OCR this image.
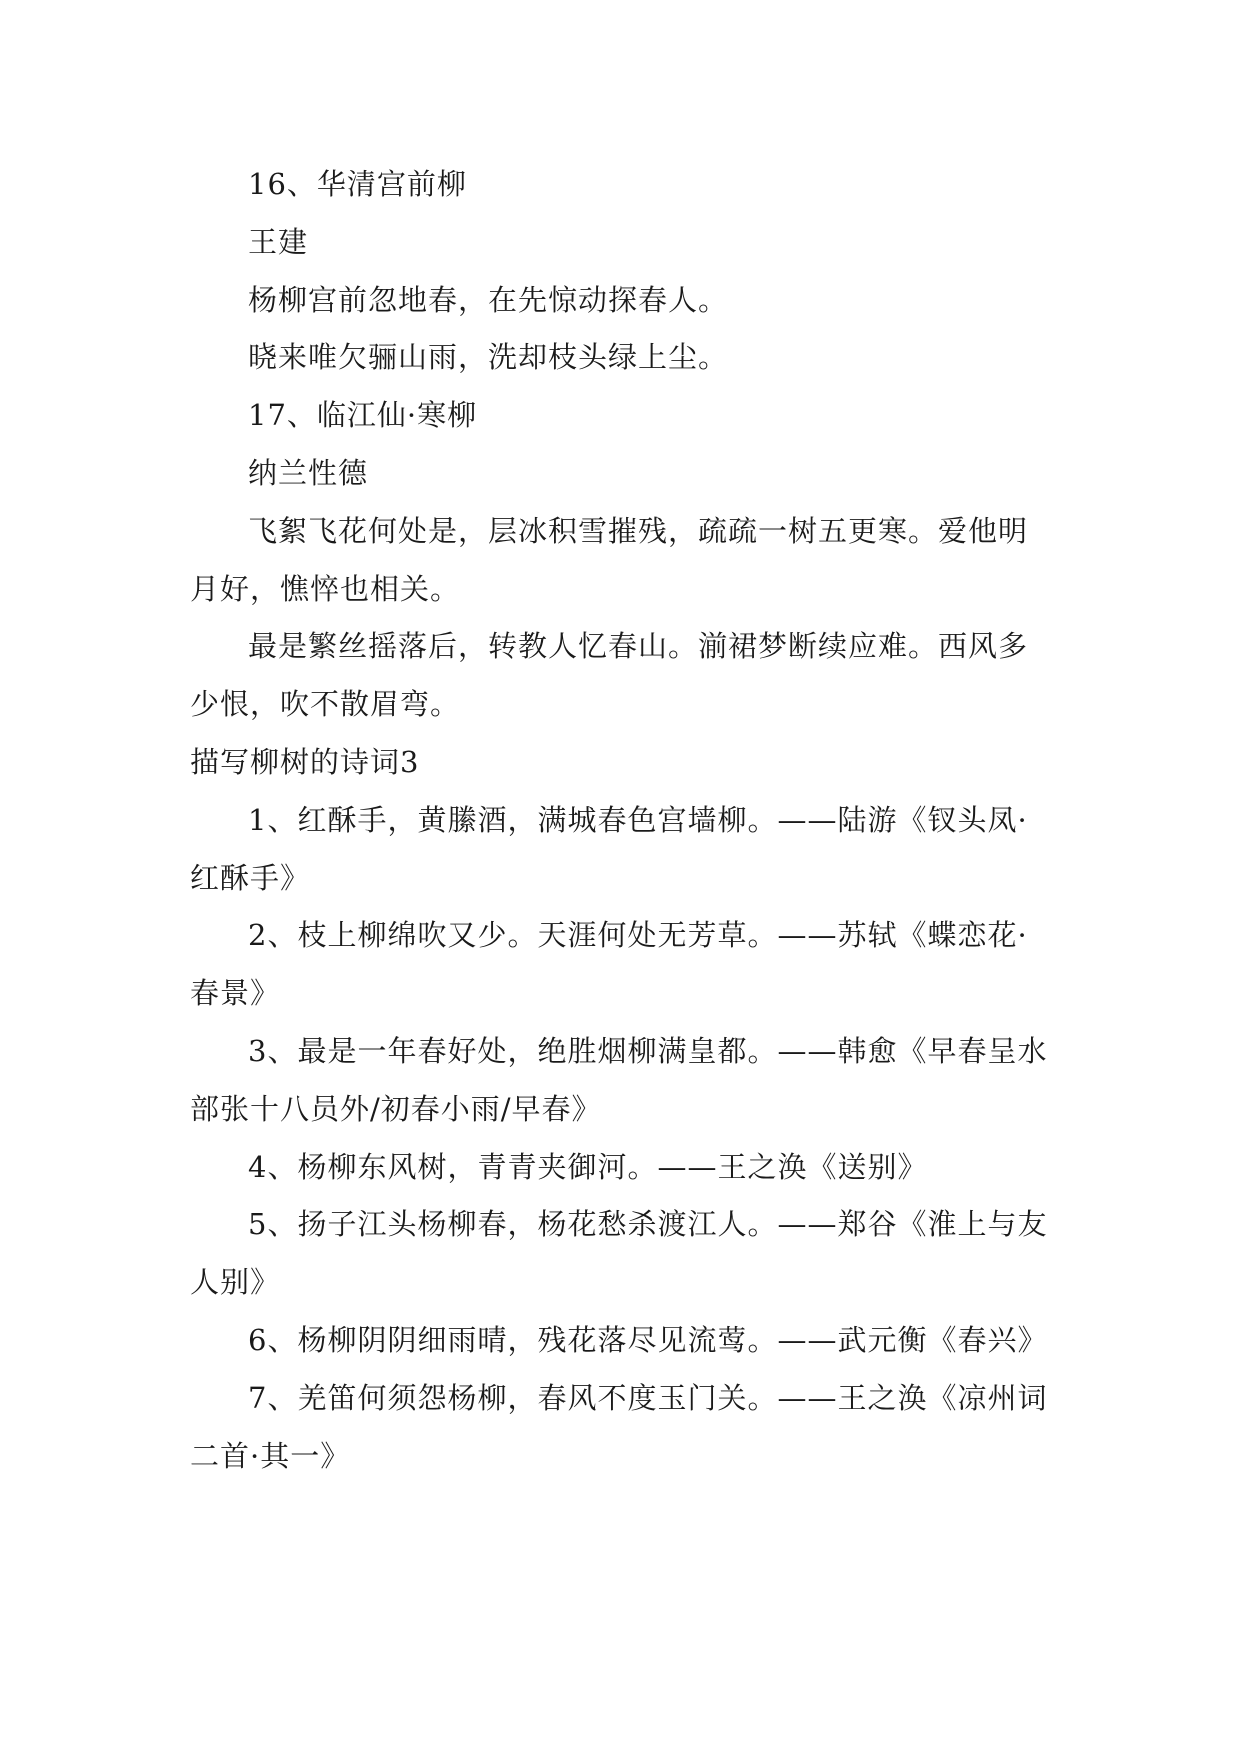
16、华清宫前柳

王建

杨柳宫前忽地春，在先惊动探春人。

晓来唯欠骊山雨，洗却枝头绿上尘。

17、临江仙·寒柳

纳兰性德

飞絮飞花何处是，层冰积雪摧残，疏疏一树五更寒。爱他明月好，憔悴也相关。

最是繁丝摇落后，转教人忆春山。湔裙梦断续应难。西风多少恨，吹不散眉弯。

描写柳树的诗词3

1、红酥手，黄縢酒，满城春色宫墙柳。——陆游《钗头凤·红酥手》

2、枝上柳绵吹又少。天涯何处无芳草。——苏轼《蝶恋花·春景》

3、最是一年春好处，绝胜烟柳满皇都。——韩愈《早春呈水部张十八员外/初春小雨/早春》

4、杨柳东风树，青青夹御河。——王之涣《送别》

5、扬子江头杨柳春，杨花愁杀渡江人。——郑谷《淮上与友人别》

6、杨柳阴阴细雨晴，残花落尽见流莺。——武元衡《春兴》

7、羌笛何须怨杨柳，春风不度玉门关。——王之涣《凉州词二首·其一》
